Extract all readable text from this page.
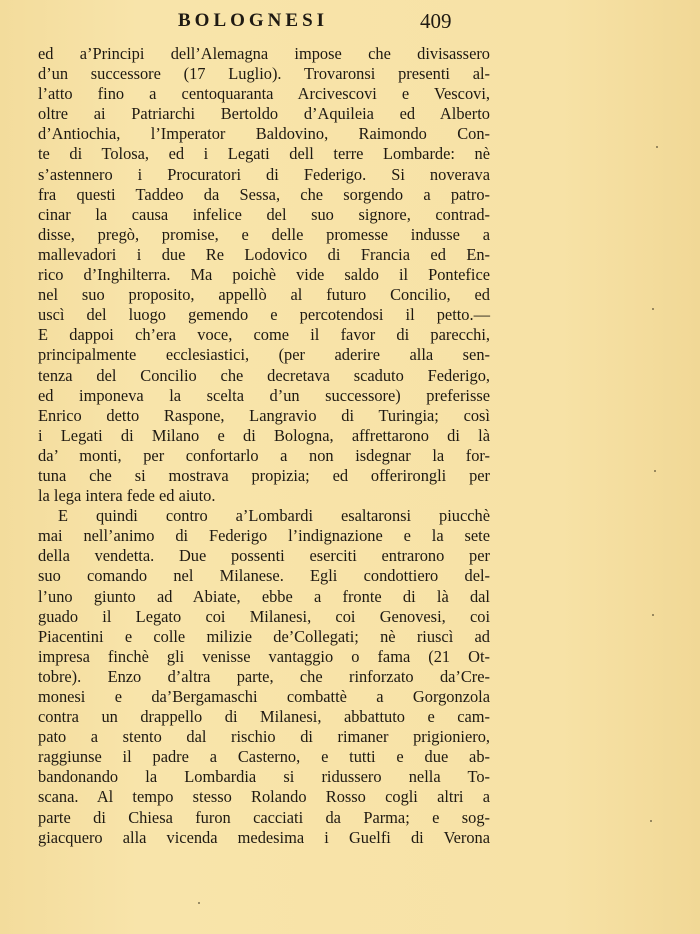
BOLOGNESI	409
ed a’Principi dell’Alemagna impose che divisassero
d’un successore (17 Luglio). Trovaronsi presenti al-
l’atto fino a centoquaranta Arcivescovi e Vescovi,
oltre ai Patriarchi Bertoldo d’Aquileia ed Alberto
d’Antiochia, l’Imperator Baldovino, Raimondo Con-
te di Tolosa, ed i Legati dell terre Lombarde: nè
s’astennero i Procuratori di Federigo. Si noverava
fra questi Taddeo da Sessa, che sorgendo a patro-
cinar la causa infelice del suo signore, contrad-
disse, pregò, promise, e delle promesse indusse a
mallevadori i due Re Lodovico di Francia ed En-
rico d’Inghilterra. Ma poichè vide saldo il Pontefice
nel suo proposito, appellò al futuro Concilio, ed
uscì del luogo gemendo e percotendosi il petto.—
E dappoi ch’era voce, come il favor di parecchi,
principalmente ecclesiastici, (per aderire alla sen-
tenza del Concilio che decretava scaduto Federigo,
ed imponeva la scelta d’un successore) preferisse
Enrico detto Raspone, Langravio di Turingia; così
i Legati di Milano e di Bologna, affrettarono di là
da’ monti, per confortarlo a non isdegnar la for-
tuna che si mostrava propizia; ed offerirongli per
la lega intera fede ed aiuto.
E quindi contro a’Lombardi esaltaronsi piucchè
mai nell’animo di Federigo l’indignazione e la sete
della vendetta. Due possenti eserciti entrarono per
suo comando nel Milanese. Egli condottiero del-
l’uno giunto ad Abiate, ebbe a fronte di là dal
guado il Legato coi Milanesi, coi Genovesi, coi
Piacentini e colle milizie de’Collegati; nè riuscì ad
impresa finchè gli venisse vantaggio o fama (21 Ot-
tobre). Enzo d’altra parte, che rinforzato da’Cre-
monesi e da’Bergamaschi combattè a Gorgonzola
contra un drappello di Milanesi, abbattuto e cam-
pato a stento dal rischio di rimaner prigioniero,
raggiunse il padre a Casterno, e tutti e due ab-
bandonando la Lombardia si ridussero nella To-
scana. Al tempo stesso Rolando Rosso cogli altri a
parte di Chiesa furon cacciati da Parma; e sog-
giacquero alla vicenda medesima i Guelfi di Verona
